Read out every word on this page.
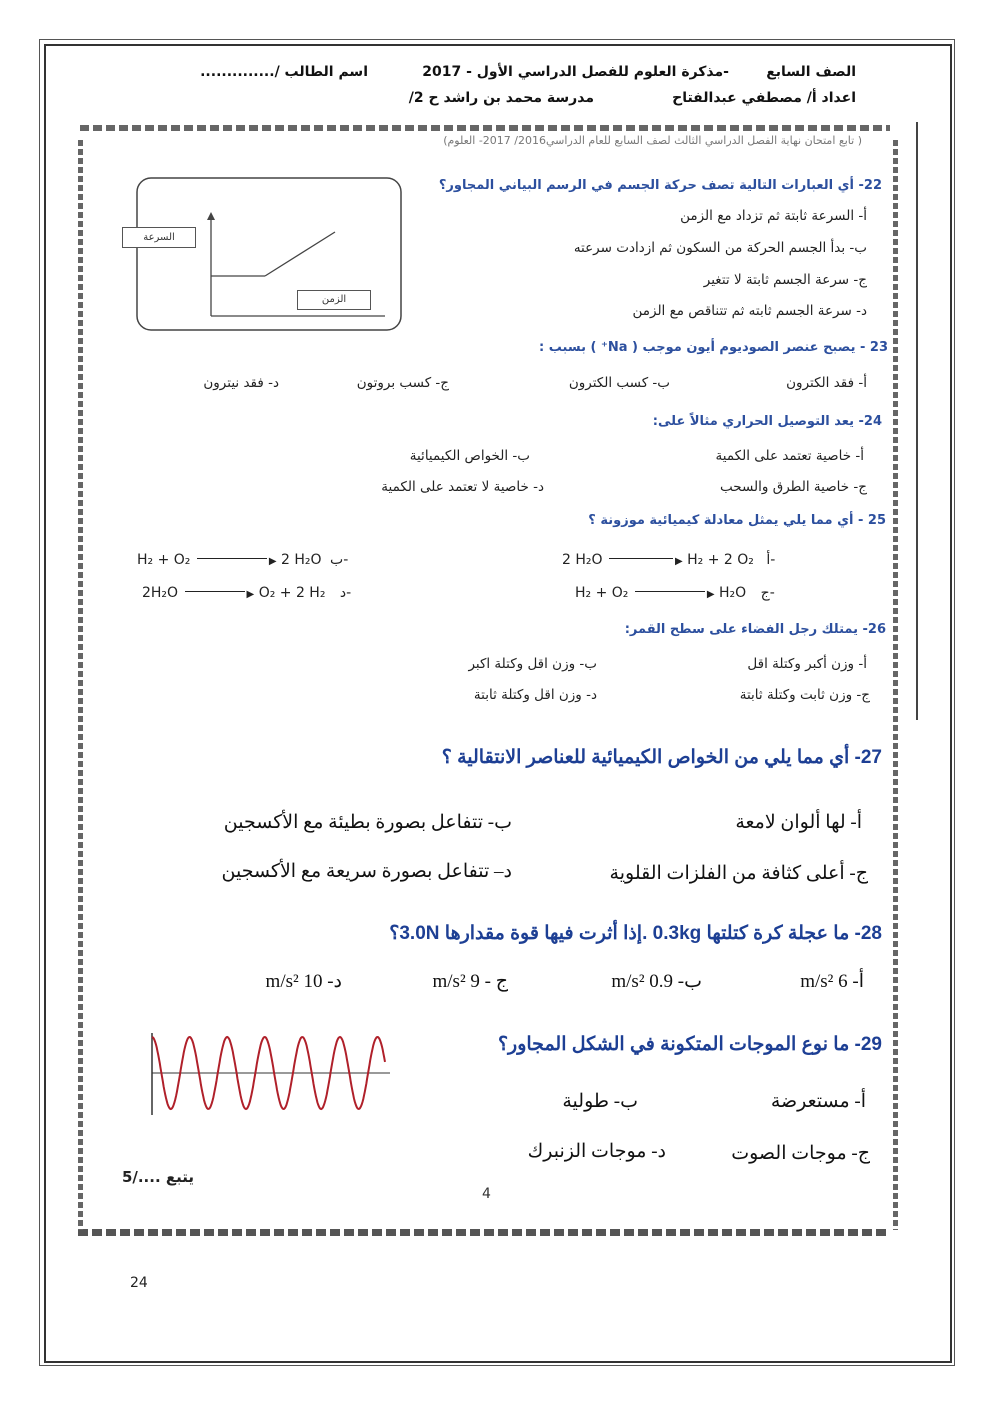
الصف السابع
-مذكرة العلوم للفصل الدراسي الأول - 2017
اسم الطالب /..............
اعداد أ/ مصطفي عبدالفتاح
مدرسة محمد بن راشد ح 2/
( تابع امتحان نهاية الفصل الدراسي الثالث لصف السابع للعام الدراسي2016/ 2017- العلوم)
22- أي العبارات التالية تصف حركة الجسم في الرسم البياني المجاور؟
أ- السرعة ثابتة ثم تزداد مع الزمن
ب- بدأ الجسم الحركة من السكون ثم ازدادت سرعته
ج- سرعة الجسم ثابتة لا تتغير
د- سرعة الجسم ثابته ثم تتناقص مع الزمن
السرعة
الزمن
23 - يصبح عنصر الصوديوم أيون موجب ( Na⁺ ) بسبب :
أ- فقد الكترون
ب- كسب الكترون
ج- كسب بروتون
د- فقد نيترون
24- يعد التوصيل الحراري مثالاً على:
أ- خاصية تعتمد على الكمية
ب- الخواص الكيميائية
ج- خاصية الطرق والسحب
د- خاصية لا تعتمد على الكمية
25 - أي مما يلي يمثل معادلة كيميائية موزونة ؟
2 H₂O	▶ H₂ + 2 O₂ أ-
H₂ + O₂	▶ 2 H₂O ب-
H₂ + O₂	▶ H₂O ج-
2H₂O	▶ O₂ + 2 H₂ د-
26- يمتلك رجل الفضاء على سطح القمر:
أ- وزن أكبر وكتلة اقل
ب- وزن اقل وكتلة اكبر
ج- وزن ثابت وكتلة ثابتة
د- وزن اقل وكتلة ثابتة
27- أي مما يلي من الخواص الكيميائية للعناصر الانتقالية ؟
أ- لها ألوان لامعة
ب- تتفاعل بصورة بطيئة مع الأكسجين
ج- أعلى كثافة من الفلزات القلوية
د– تتفاعل بصورة سريعة مع الأكسجين
28- ما عجلة كرة كتلتها 0.3kg .إذا أثرت فيها قوة مقدارها 3.0N؟
أ- 6 m/s²
ب- 0.9 m/s²
ج - 9 m/s²
د- 10 m/s²
29- ما نوع الموجات المتكونة في الشكل المجاور؟
أ- مستعرضة
ب- طولية
ج- موجات الصوت
د- موجات الزنبرك
يتبع ..../5
4
24
